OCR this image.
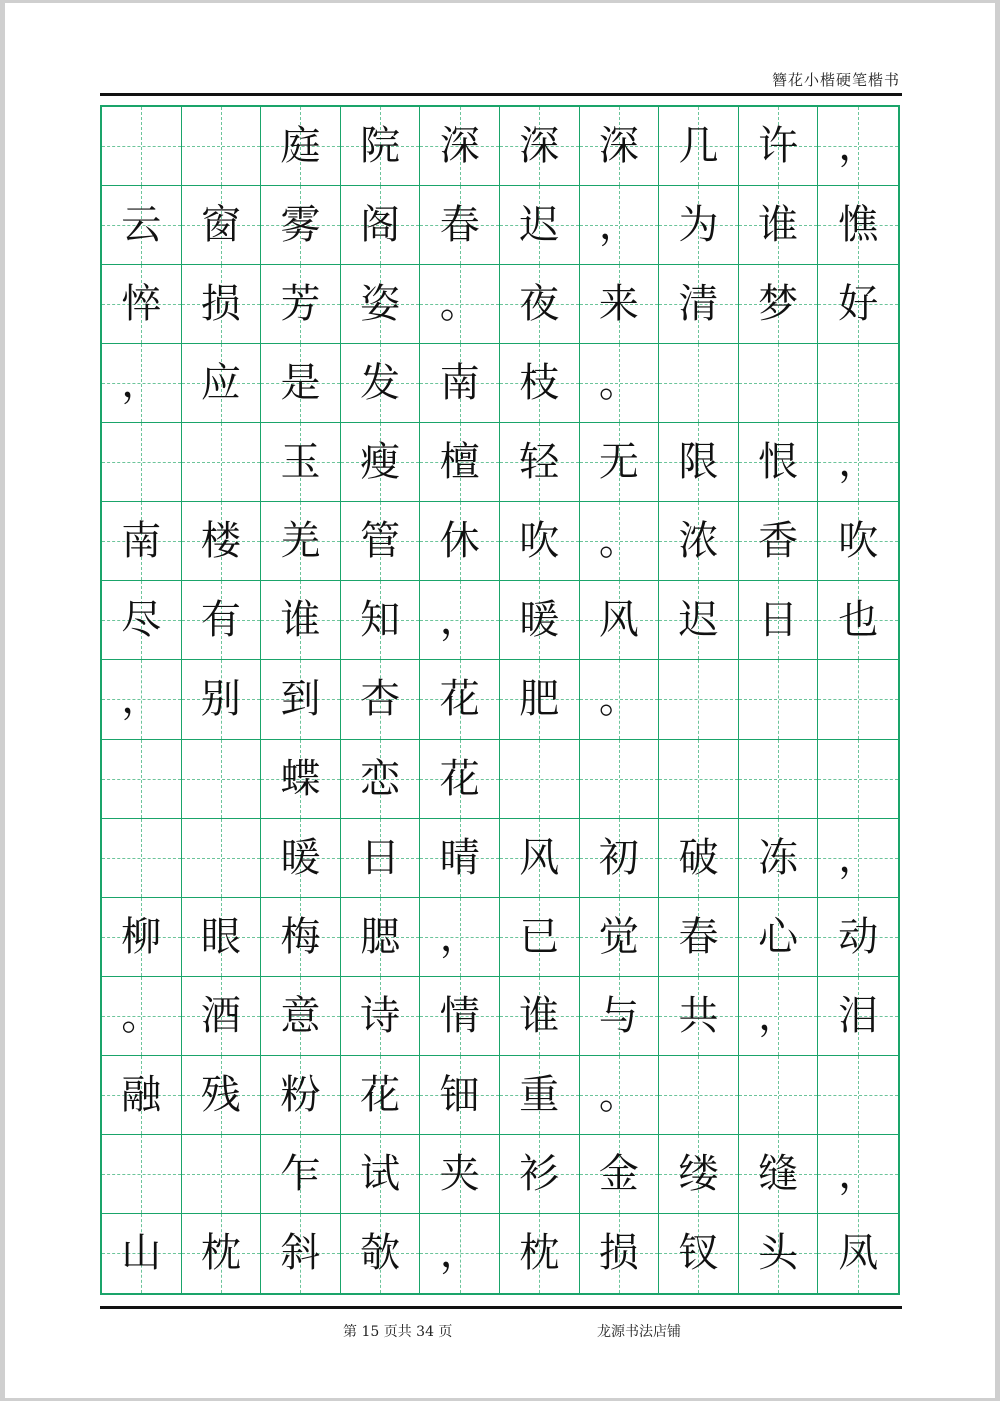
簪花小楷硬笔楷书
庭 院 深 深 深 几 许 ，
云 窗 雾 阁 春 迟 ， 为 谁 憔
悴 损 芳 姿 。 夜 来 清 梦 好
， 应 是 发 南 枝 。
玉 瘦 檀 轻 无 限 恨 ，
南 楼 羌 管 休 吹 。 浓 香 吹
尽 有 谁 知 ， 暖 风 迟 日 也
， 别 到 杏 花 肥 。
蝶 恋 花
暖 日 晴 风 初 破 冻 ，
柳 眼 梅 腮 ， 已 觉 春 心 动
。 酒 意 诗 情 谁 与 共 ， 泪
融 残 粉 花 钿 重 。
乍 试 夹 衫 金 缕 缝 ，
山 枕 斜 欹 ， 枕 损 钗 头 凤
第 15 页共 34 页	龙源书法店铺
